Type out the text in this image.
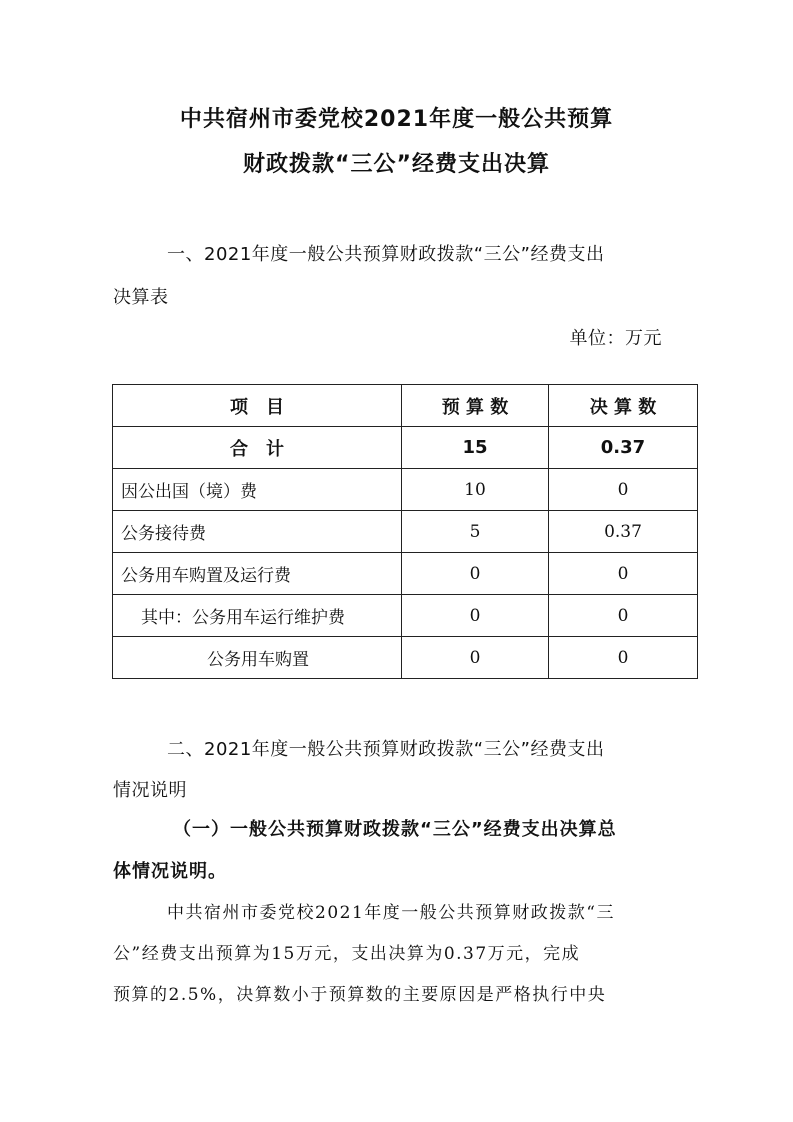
中共宿州市委党校2021年度一般公共预算
财政拨款“三公”经费支出决算
一、2021年度一般公共预算财政拨款“三公”经费支出
决算表
单位：万元
项　目	预 算 数	决 算 数
合　计	15	0.37
因公出国（境）费	10	0
公务接待费	5	0.37
公务用车购置及运行费	0	0
其中：公务用车运行维护费	0	0
公务用车购置	0	0
二、2021年度一般公共预算财政拨款“三公”经费支出
情况说明
（一）一般公共预算财政拨款“三公”经费支出决算总
体情况说明。
中共宿州市委党校2021年度一般公共预算财政拨款“三
公”经费支出预算为15万元，支出决算为0.37万元，完成
预算的2.5%，决算数小于预算数的主要原因是严格执行中央
